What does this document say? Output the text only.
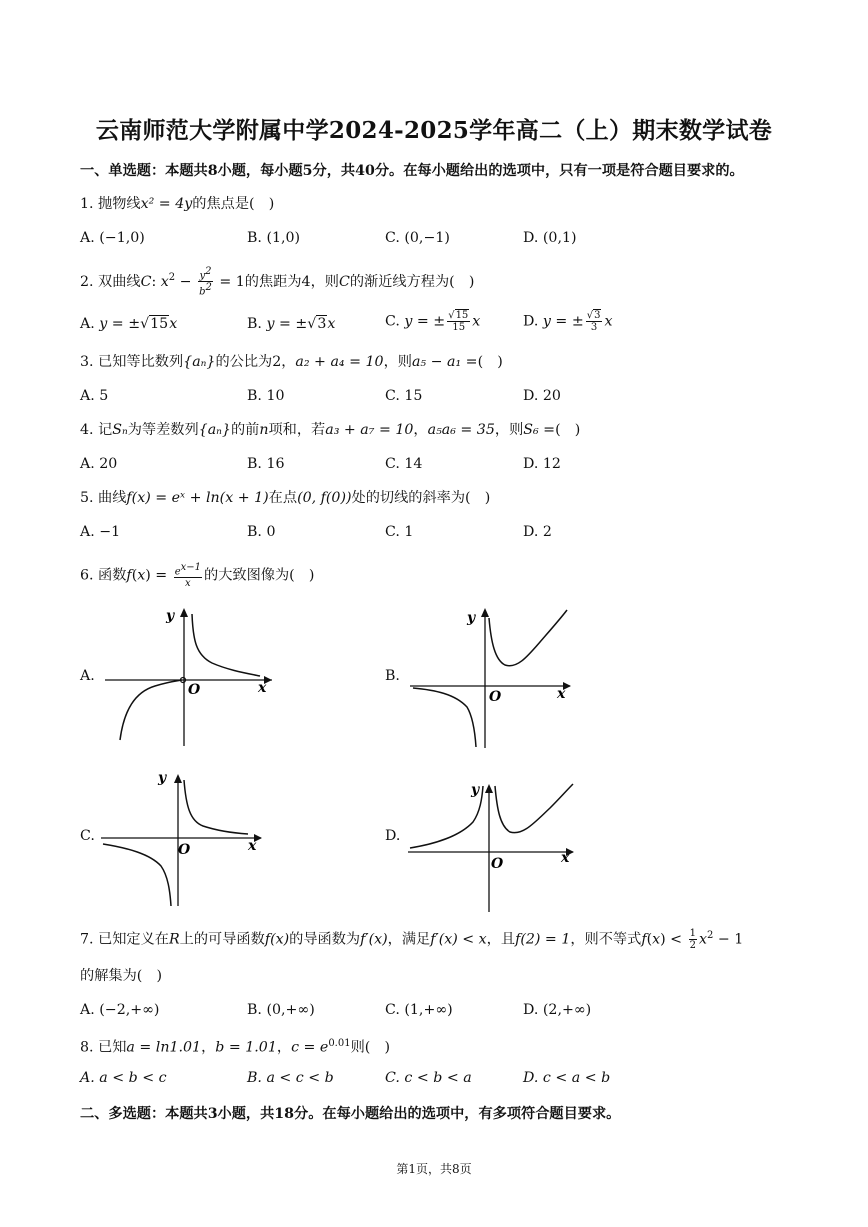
云南师范大学附属中学2024-2025学年高二（上）期末数学试卷
一、单选题：本题共8小题，每小题5分，共40分。在每小题给出的选项中，只有一项是符合题目要求的。
1. 抛物线x² = 4y的焦点是(　)
A. (−1,0)	B. (1,0)	C. (0,−1)	D. (0,1)
2. 双曲线C: $x^2 - \frac{y^2}{b^2} = 1$的焦距为4，则C的渐近线方程为(　)
A. y = ±√15x	B. y = ±√3x	C. y = ± $\frac{√15}{15}$ x	D. y = ± $\frac{√3}{3}$ x
3. 已知等比数列{aₙ}的公比为2，a₂ + a₄ = 10，则a₅ − a₁ =(　)
A. 5	B. 10	C. 15	D. 20
4. 记Sₙ为等差数列{aₙ}的前n项和，若a₃ + a₇ = 10，a₅a₆ = 35，则S₆ =(　)
A. 20	B. 16	C. 14	D. 12
5. 曲线f(x) = eˣ + ln(x + 1)在点(0, f(0))处的切线的斜率为(　)
A. −1	B. 0	C. 1	D. 2
6. 函数$f(x) = \frac{e^{x-1}}{x}$ 的大致图像为(　)
A.
y
O	x
B.
y
O	x
C.
y
O	x
D.
y
O	x
7. 已知定义在R上的可导函数f(x)的导函数为f′(x)，满足f′(x) < x，且f(2) = 1，则不等式$f(x) < \frac{1}{2} x^2 - 1$
的解集为(　)
A. (−2,+∞)	B. (0,+∞)	C. (1,+∞)	D. (2,+∞)
8. 已知a = ln1.01，b = 1.01，$c = e^{0.01}$则(　)
A. a < b < c	B. a < c < b	C. c < b < a	D. c < a < b
二、多选题：本题共3小题，共18分。在每小题给出的选项中，有多项符合题目要求。
第1页，共8页
